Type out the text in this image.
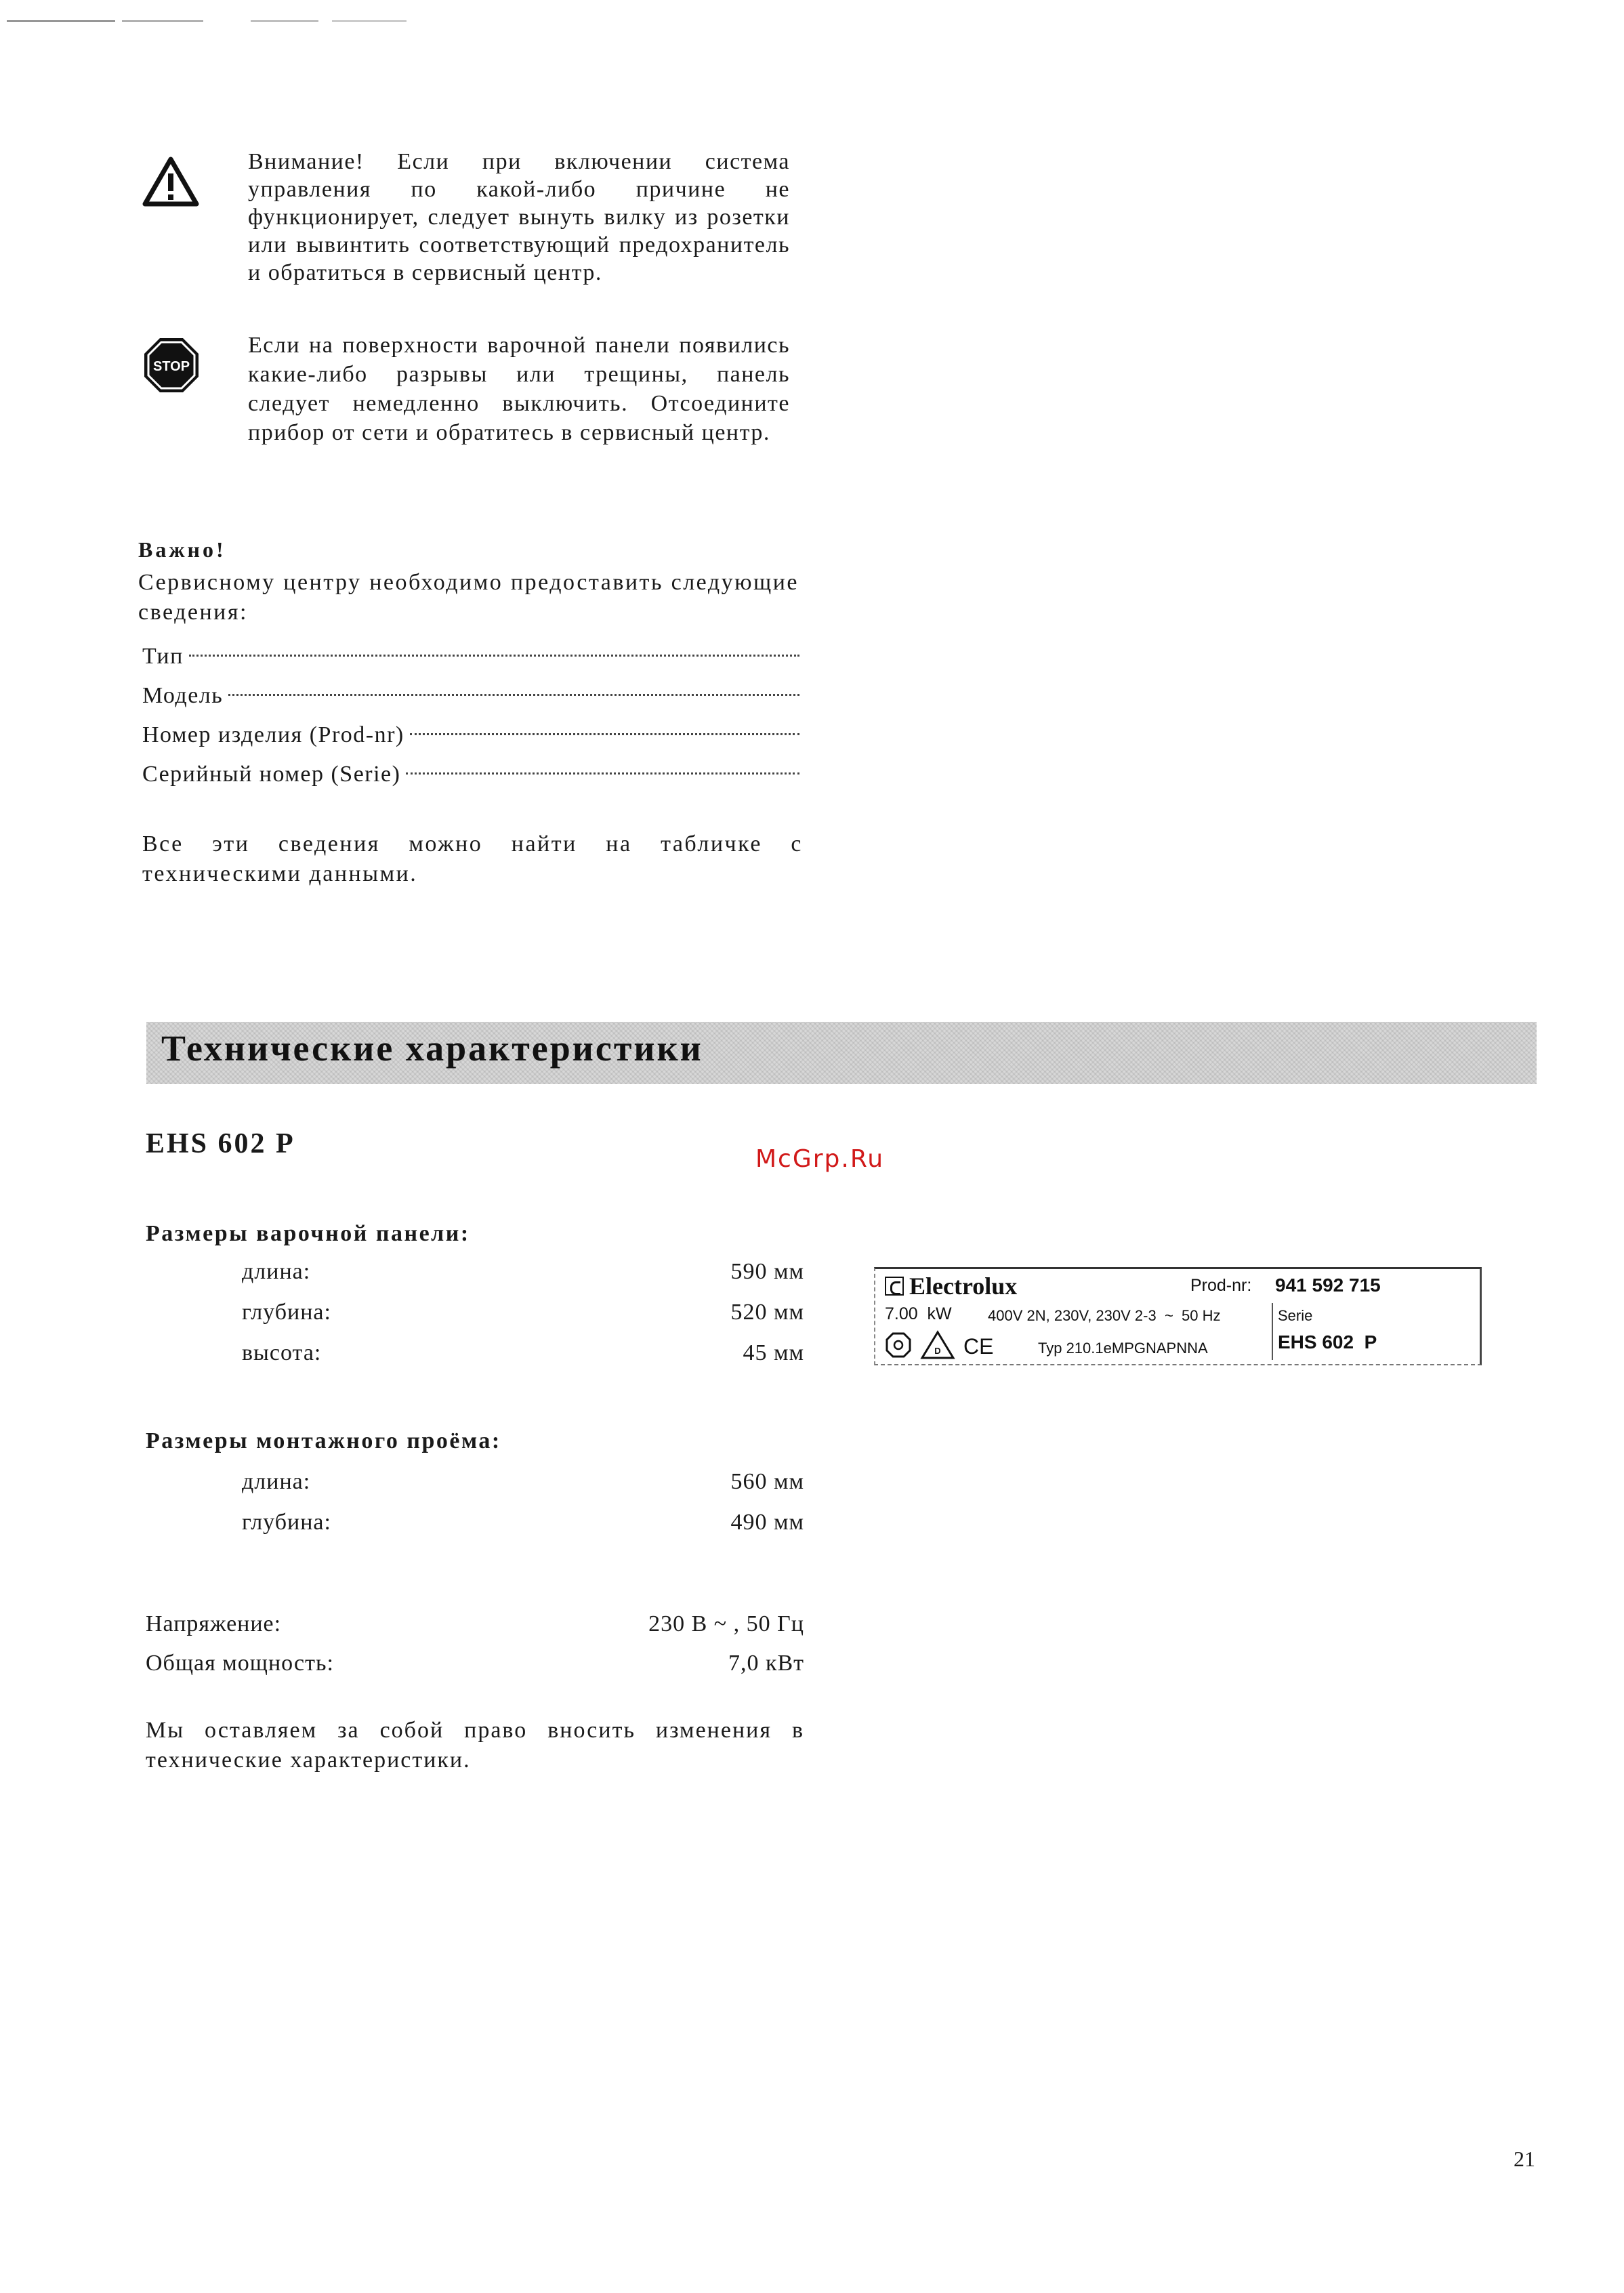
Внимание! Если при включении система управления по какой-либо причине не функционирует, следует вынуть вилку из розетки или вывинтить соответствующий предохранитель и обратиться в сервисный центр.
STOP
Если на поверхности варочной панели появились какие-либо разрывы или трещины, панель следует немедленно выключить. Отсоедините прибор от сети и обратитесь в сервисный центр.
Важно!
Сервисному центру необходимо предоставить следующие сведения:
Тип
Модель
Номер изделия (Prod-nr)
Серийный номер (Serie)
Все эти сведения можно найти на табличке с техническими данными.
Технические характеристики
EHS 602 P	McGrp.Ru
Размеры варочной панели:
длина:	590 мм
глубина:	520 мм
высота:	45 мм
Размеры монтажного проёма:
длина:	560 мм
глубина:	490 мм
Напряжение:	230 В ~ , 50 Гц
Общая мощность:	7,0 кВт
Мы оставляем за собой право вносить изменения в технические характеристики.
Electrolux	Prod-nr: 941 592 715
7.00  kW 400V 2N, 230V, 230V 2-3  ~  50 Hz	Serie
D CE	Typ 210.1eMPGNAPNNA	EHS 602  P
21
